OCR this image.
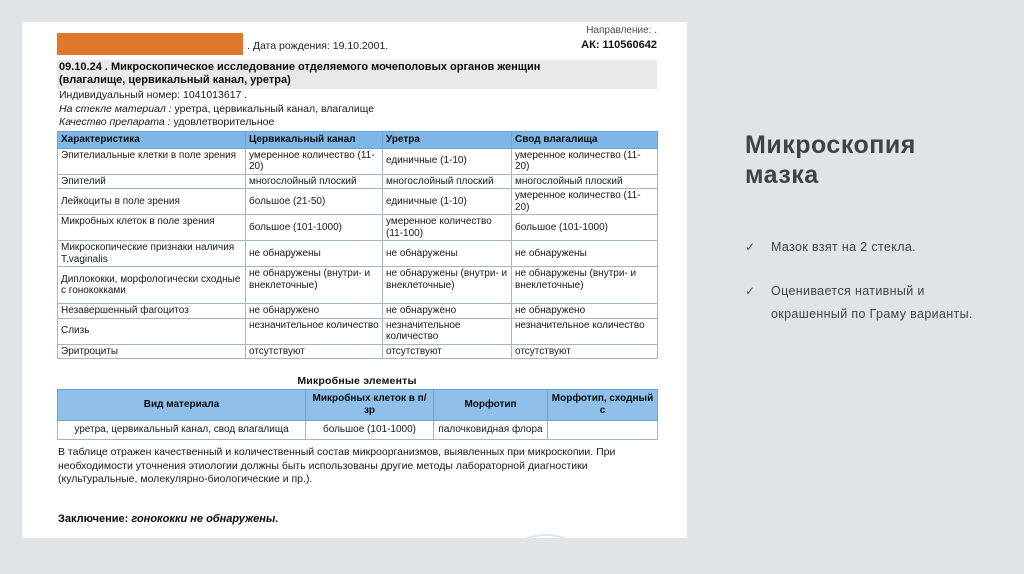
. Дата рождения: 19.10.2001.
Направление: .
АК: 110560642
09.10.24 . Микроскопическое исследование отделяемого мочеполовых органов женщин
(влагалище, цервикальный канал, уретра)
Индивидуальный номер: 1041013617 .
На стекле материал : уретра, цервикальный канал, влагалище
Качество препарата : удовлетворительное
Характеристика	Цервикальный канал	Уретра	Свод влагалища
Эпителиальные клетки в поле зрения	умеренное количество (11-20)	единичные (1-10)	умеренное количество (11-20)
Эпителий	многослойный плоский	многослойный плоский	многослойный плоский
Лейкоциты в поле зрения	большое (21-50)	единичные (1-10)	умеренное количество (11-20)
Микробных клеток в поле зрения	большое (101-1000)	умеренное количество (11-100)	большое (101-1000)
Микроскопические признаки наличия T.vaginalis	не обнаружены	не обнаружены	не обнаружены
Диплококки, морфологически сходные с гонококками	не обнаружены (внутри- и внеклеточные)	не обнаружены (внутри- и внеклеточные)	не обнаружены (внутри- и внеклеточные)
Незавершенный фагоцитоз	не обнаружено	не обнаружено	не обнаружено
Слизь	незначительное количество	незначительное количество	незначительное количество
Эритроциты	отсутствуют	отсутствуют	отсутствуют
Микробные элементы
Вид материала	Микробных клеток в п/зр	Морфотип	Морфотип, сходный с
уретра, цервикальный канал, свод влагалища	большое (101-1000)	палочковидная флора	
В таблице отражен качественный и количественный состав микроорганизмов, выявленных при микроскопии. При необходимости уточнения этиологии должны быть использованы другие методы лабораторной диагностики (культуральные, молекулярно-биологические и пр.).
Заключение: гонококки не обнаружены.
Микроскопия
мазка
✓ Мазок взят на 2 стекла.
✓ Оцениваетcя нативный и окрашенный по Граму варианты.
